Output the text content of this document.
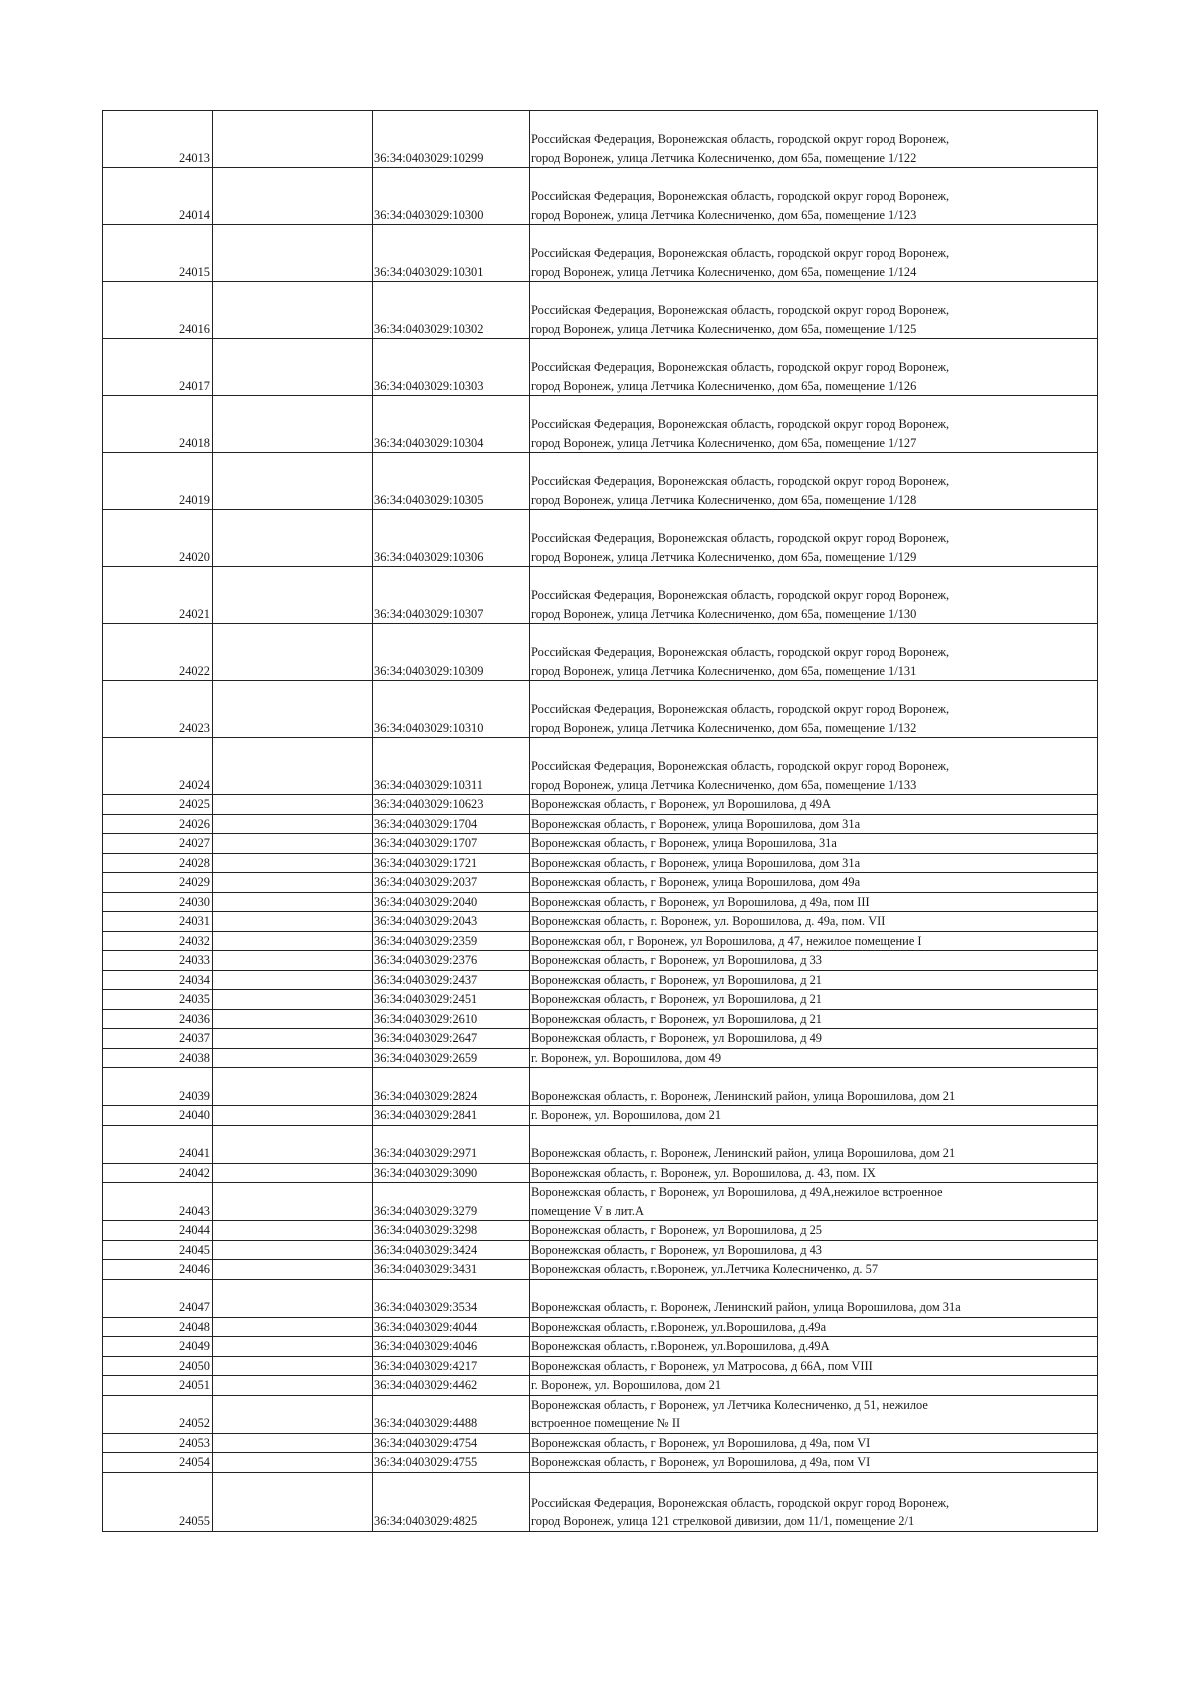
24013		36:34:0403029:10299	Российская Федерация, Воронежская область, городской округ город Воронеж,
город Воронеж, улица Летчика Колесниченко, дом 65а, помещение 1/122

24014		36:34:0403029:10300	Российская Федерация, Воронежская область, городской округ город Воронеж,
город Воронеж, улица Летчика Колесниченко, дом 65а, помещение 1/123

24015		36:34:0403029:10301	Российская Федерация, Воронежская область, городской округ город Воронеж,
город Воронеж, улица Летчика Колесниченко, дом 65а, помещение 1/124

24016		36:34:0403029:10302	Российская Федерация, Воронежская область, городской округ город Воронеж,
город Воронеж, улица Летчика Колесниченко, дом 65а, помещение 1/125

24017		36:34:0403029:10303	Российская Федерация, Воронежская область, городской округ город Воронеж,
город Воронеж, улица Летчика Колесниченко, дом 65а, помещение 1/126

24018		36:34:0403029:10304	Российская Федерация, Воронежская область, городской округ город Воронеж,
город Воронеж, улица Летчика Колесниченко, дом 65а, помещение 1/127

24019		36:34:0403029:10305	Российская Федерация, Воронежская область, городской округ город Воронеж,
город Воронеж, улица Летчика Колесниченко, дом 65а, помещение 1/128

24020		36:34:0403029:10306	Российская Федерация, Воронежская область, городской округ город Воронеж,
город Воронеж, улица Летчика Колесниченко, дом 65а, помещение 1/129

24021		36:34:0403029:10307	Российская Федерация, Воронежская область, городской округ город Воронеж,
город Воронеж, улица Летчика Колесниченко, дом 65а, помещение 1/130

24022		36:34:0403029:10309	Российская Федерация, Воронежская область, городской округ город Воронеж,
город Воронеж, улица Летчика Колесниченко, дом 65а, помещение 1/131

24023		36:34:0403029:10310	Российская Федерация, Воронежская область, городской округ город Воронеж,
город Воронеж, улица Летчика Колесниченко, дом 65а, помещение 1/132

24024		36:34:0403029:10311	Российская Федерация, Воронежская область, городской округ город Воронеж,
город Воронеж, улица Летчика Колесниченко, дом 65а, помещение 1/133

24025		36:34:0403029:10623	Воронежская область, г Воронеж, ул Ворошилова, д 49А

24026		36:34:0403029:1704	Воронежская область, г Воронеж, улица Ворошилова, дом 31а

24027		36:34:0403029:1707	Воронежская область, г Воронеж, улица Ворошилова, 31а

24028		36:34:0403029:1721	Воронежская область, г Воронеж, улица Ворошилова, дом 31а

24029		36:34:0403029:2037	Воронежская область, г Воронеж, улица Ворошилова, дом 49а

24030		36:34:0403029:2040	Воронежская область, г Воронеж, ул Ворошилова, д 49а, пом III

24031		36:34:0403029:2043	Воронежская область, г. Воронеж, ул. Ворошилова, д. 49а, пом. VII

24032		36:34:0403029:2359	Воронежская обл, г Воронеж, ул Ворошилова, д 47, нежилое помещение I

24033		36:34:0403029:2376	Воронежская область, г Воронеж, ул Ворошилова, д 33

24034		36:34:0403029:2437	Воронежская область, г Воронеж, ул Ворошилова, д 21

24035		36:34:0403029:2451	Воронежская область, г Воронеж, ул Ворошилова, д 21

24036		36:34:0403029:2610	Воронежская область, г Воронеж, ул Ворошилова, д 21

24037		36:34:0403029:2647	Воронежская область, г Воронеж, ул Ворошилова, д 49

24038		36:34:0403029:2659	г. Воронеж, ул. Ворошилова, дом 49

24039		36:34:0403029:2824	Воронежская область, г. Воронеж, Ленинский район, улица Ворошилова, дом 21

24040		36:34:0403029:2841	г. Воронеж, ул. Ворошилова, дом 21

24041		36:34:0403029:2971	Воронежская область, г. Воронеж, Ленинский район, улица Ворошилова, дом 21

24042		36:34:0403029:3090	Воронежская область, г. Воронеж, ул. Ворошилова, д. 43, пом. IX

24043		36:34:0403029:3279	Воронежская область, г Воронеж, ул Ворошилова, д 49А,нежилое встроенное
помещение V в лит.А

24044		36:34:0403029:3298	Воронежская область, г Воронеж, ул Ворошилова, д 25

24045		36:34:0403029:3424	Воронежская область, г Воронеж, ул Ворошилова, д 43

24046		36:34:0403029:3431	Воронежская область, г.Воронеж, ул.Летчика Колесниченко, д. 57

24047		36:34:0403029:3534	Воронежская область, г. Воронеж, Ленинский район, улица Ворошилова, дом 31а

24048		36:34:0403029:4044	Воронежская область, г.Воронеж, ул.Ворошилова, д.49а

24049		36:34:0403029:4046	Воронежская область, г.Воронеж, ул.Ворошилова, д.49А

24050		36:34:0403029:4217	Воронежская область, г Воронеж, ул Матросова, д 66А, пом VIII

24051		36:34:0403029:4462	г. Воронеж, ул. Ворошилова, дом 21

24052		36:34:0403029:4488	Воронежская область, г Воронеж, ул Летчика Колесниченко, д 51, нежилое
встроенное помещение № II

24053		36:34:0403029:4754	Воронежская область, г Воронеж, ул Ворошилова, д 49а, пом VI

24054		36:34:0403029:4755	Воронежская область, г Воронеж, ул Ворошилова, д 49а, пом VI

24055		36:34:0403029:4825	Российская Федерация, Воронежская область, городской округ город Воронеж,
город Воронеж, улица 121 стрелковой дивизии, дом 11/1, помещение 2/1
